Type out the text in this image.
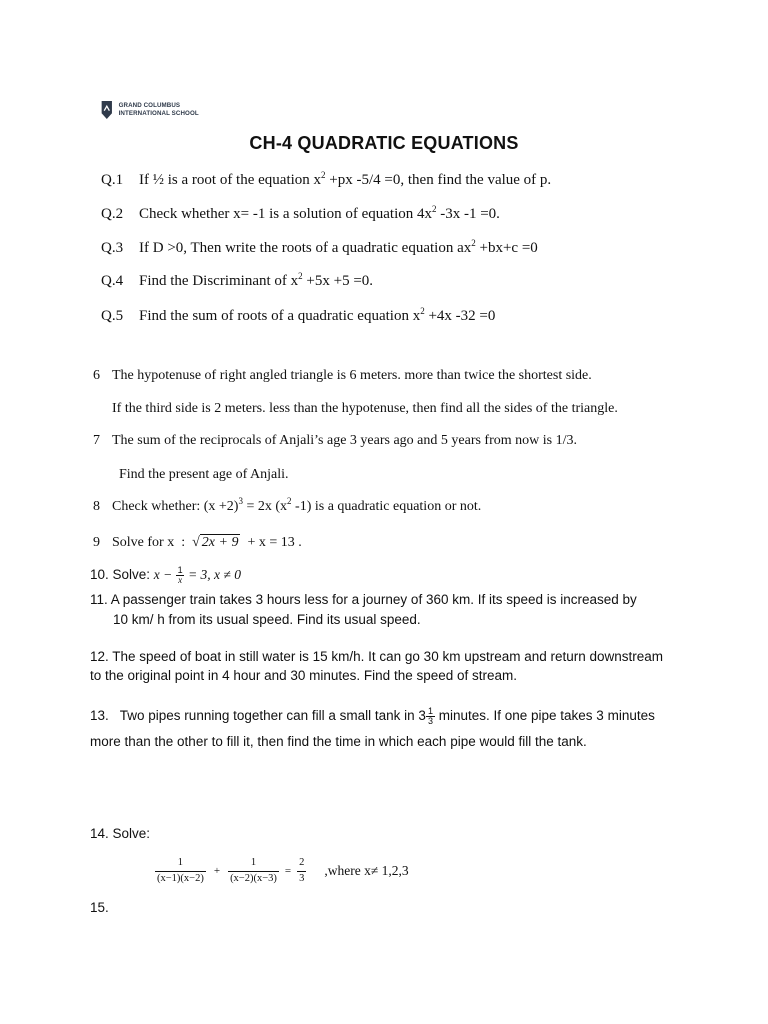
GRAND COLUMBUS INTERNATIONAL SCHOOL
CH-4 QUADRATIC EQUATIONS
Q.1 If ½ is a root of the equation $x^2 +px$ -5/4 =0, then find the value of p.
Q.2 Check whether x= -1 is a solution of equation $4x^2$ -3x -1 =0.
Q.3 If D >0, Then write the roots of a quadratic equation $ax^2 +bx+c =0$
Q.4 Find the Discriminant of $x^2 +5x +5 =0$.
Q.5 Find the sum of roots of a quadratic equation $x^2 +4x$ -32 =0
6 The hypotenuse of right angled triangle is 6 meters. more than twice the shortest side.
If the third side is 2 meters. less than the hypotenuse, then find all the sides of the triangle.
7 The sum of the reciprocals of Anjali’s age 3 years ago and 5 years from now is 1/3.
Find the present age of Anjali.
8 Check whether: $(x +2)^3 = 2x$ ($x^2$ -1) is a quadratic equation or not.
9 Solve for x  :  √ 2x + 9  + x = 13 .
10. Solve: $x - \frac{1}{x} = 3$, x ≠ 0
11. A passenger train takes 3 hours less for a journey of 360 km. If its speed is increased by
10 km/ h from its usual speed. Find its usual speed.
12. The speed of boat in still water is 15 km/h. It can go 30 km upstream and return downstream
to the original point in 4 hour and 30 minutes. Find the speed of stream.
13.   Two pipes running together can fill a small tank in $3 \frac{1}{3}$ minutes. If one pipe takes 3 minutes
more than the other to fill it, then find the time in which each pipe would fill the tank.
14. Solve:
$\frac{1}{(x-1)(x-2)} + \frac{1}{(x-2)(x-3)} = \frac{2}{3}$ ,where x≠ 1,2,3
15.
